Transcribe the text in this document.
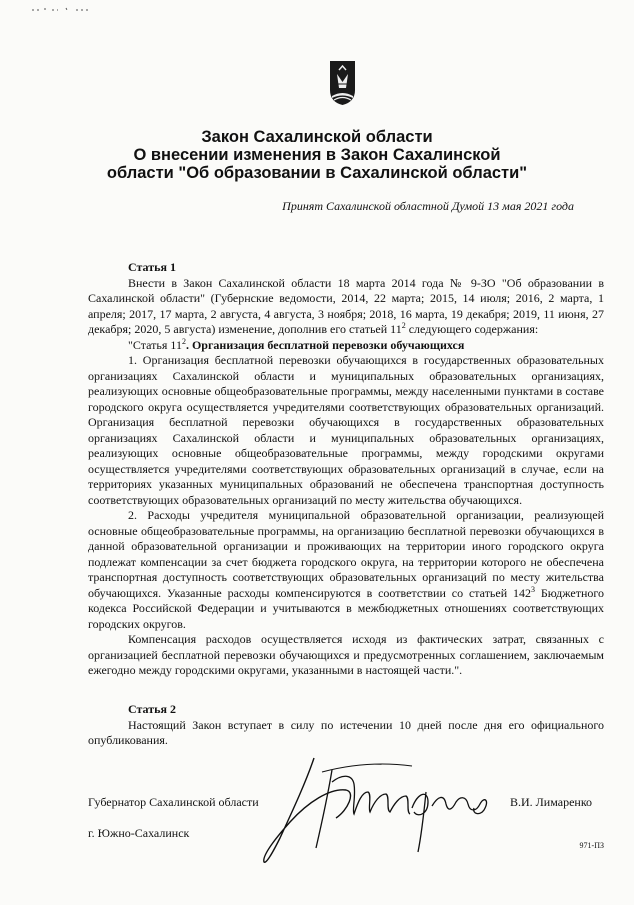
Закон Сахалинской области
О внесении изменения в Закон Сахалинской
области "Об образовании в Сахалинской области"
Принят Сахалинской областной Думой 13 мая 2021 года
Статья 1

Внести в Закон Сахалинской области 18 марта 2014 года № 9-ЗО "Об образовании в Сахалинской области" (Губернские ведомости, 2014, 22 марта; 2015, 14 июля; 2016, 2 марта, 1 апреля; 2017, 17 марта, 2 августа, 4 августа, 3 ноября; 2018, 16 марта, 19 декабря; 2019, 11 июня, 27 декабря; 2020, 5 августа) изменение, дополнив его статьей $11^2$ следующего содержания:

"Статья $11^2$. Организация бесплатной перевозки обучающихся

1. Организация бесплатной перевозки обучающихся в государственных образовательных организациях Сахалинской области и муниципальных образовательных организациях, реализующих основные общеобразовательные программы, между населенными пунктами в составе городского округа осуществляется учредителями соответствующих образовательных организаций. Организация бесплатной перевозки обучающихся в государственных образовательных организациях Сахалинской области и муниципальных образовательных организациях, реализующих основные общеобразовательные программы, между городскими округами осуществляется учредителями соответствующих образовательных организаций в случае, если на территориях указанных муниципальных образований не обеспечена транспортная доступность соответствующих образовательных организаций по месту жительства обучающихся.

2. Расходы учредителя муниципальной образовательной организации, реализующей основные общеобразовательные программы, на организацию бесплатной перевозки обучающихся в данной образовательной организации и проживающих на территории иного городского округа подлежат компенсации за счет бюджета городского округа, на территории которого не обеспечена транспортная доступность соответствующих образовательных организаций по месту жительства обучающихся. Указанные расходы компенсируются в соответствии со статьей $142^3$ Бюджетного кодекса Российской Федерации и учитываются в межбюджетных отношениях соответствующих городских округов.

Компенсация расходов осуществляется исходя из фактических затрат, связанных с организацией бесплатной перевозки обучающихся и предусмотренных соглашением, заключаемым ежегодно между городскими округами, указанными в настоящей части.".

Статья 2

Настоящий Закон вступает в силу по истечении 10 дней после дня его официального опубликования.

Губернатор Сахалинской области	В.И. Лимаренко
г. Южно-Сахалинск
971-ПЗ
